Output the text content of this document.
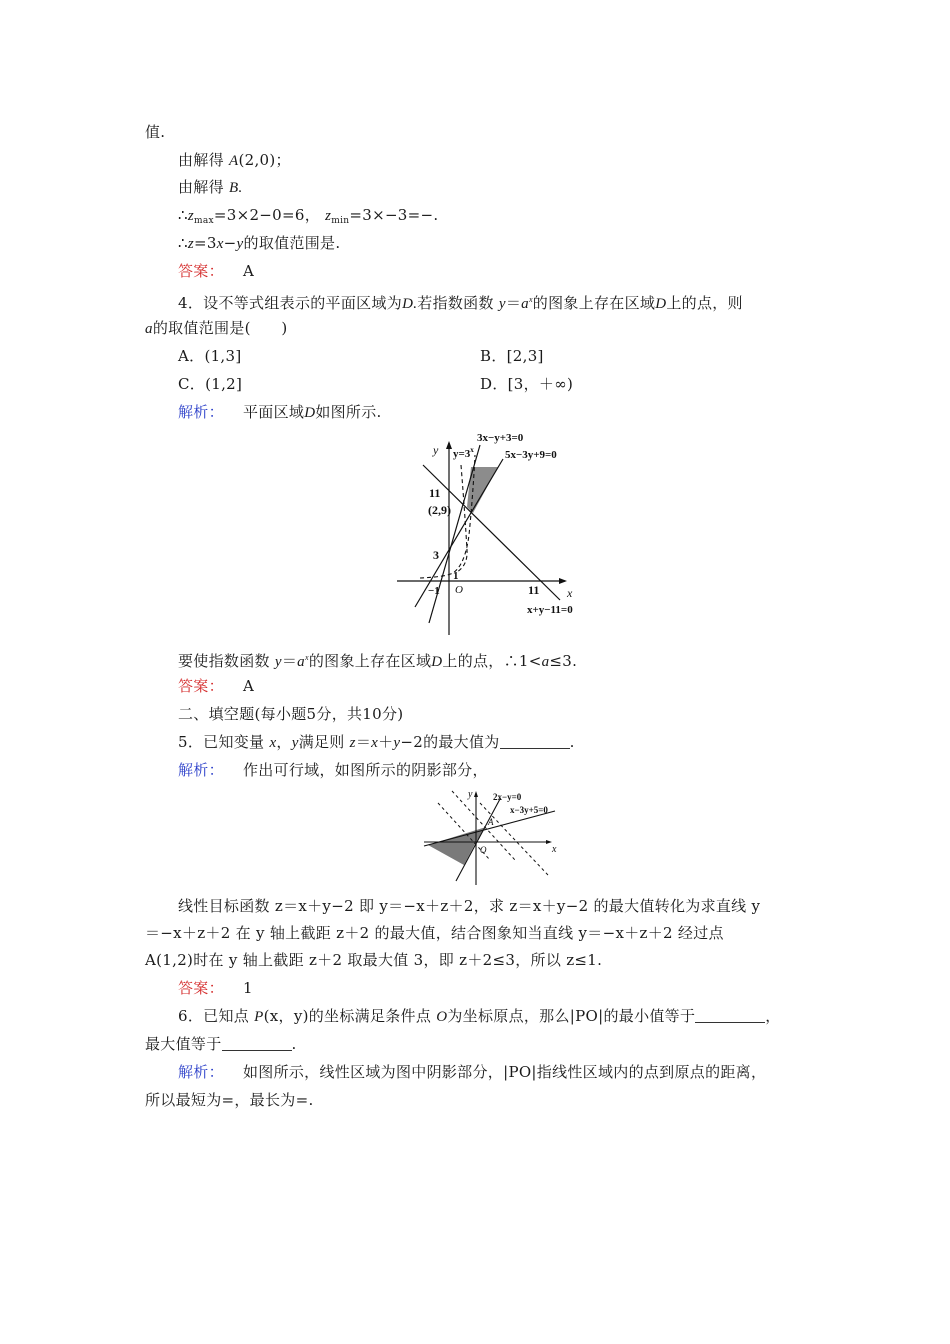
值.
由解得 A(2,0)；
由解得 B.
$\therefore z_{max}=3\times 2-0=6$， $z_{min}=3\times-3=-$.
∴z=3x−y的取值范围是.
答案： A
4．设不等式组表示的平面区域为D.若指数函数 $y=a^x$的图象上存在区域D上的点，则
a的取值范围是(　　)
A．(1,3]	B．[2,3]
C．(1,2]	D．[3，＋∞)
解析： 平面区域D如图所示.
y
x
O
$y=3^x$
3x−y+3=0
5x−3y+9=0
x+y−11=0
11
(2,9)
3
1
−1	11
要使指数函数 $y=a^x$的图象上存在区域D上的点，∴1<a≤3.
答案： A
二、填空题(每小题5分，共10分)
5．已知变量 x，y满足则 z＝x＋y−2的最大值为	.
解析： 作出可行域，如图所示的阴影部分，
y
x
O
A
2x−y=0
x−3y+5=0
线性目标函数 z＝x＋y−2 即 y＝−x＋z＋2，求 z＝x＋y−2 的最大值转化为求直线 y
＝−x＋z＋2 在 y 轴上截距 z＋2 的最大值，结合图象知当直线 y＝−x＋z＋2 经过点
A(1,2)时在 y 轴上截距 z＋2 取最大值 3，即 z＋2≤3，所以 z≤1.
答案： 1
6．已知点 P(x，y)的坐标满足条件点 O为坐标原点，那么|PO|的最小值等于	，
最大值等于	.
解析： 如图所示，线性区域为图中阴影部分，|PO|指线性区域内的点到原点的距离，
所以最短为=，最长为=.
